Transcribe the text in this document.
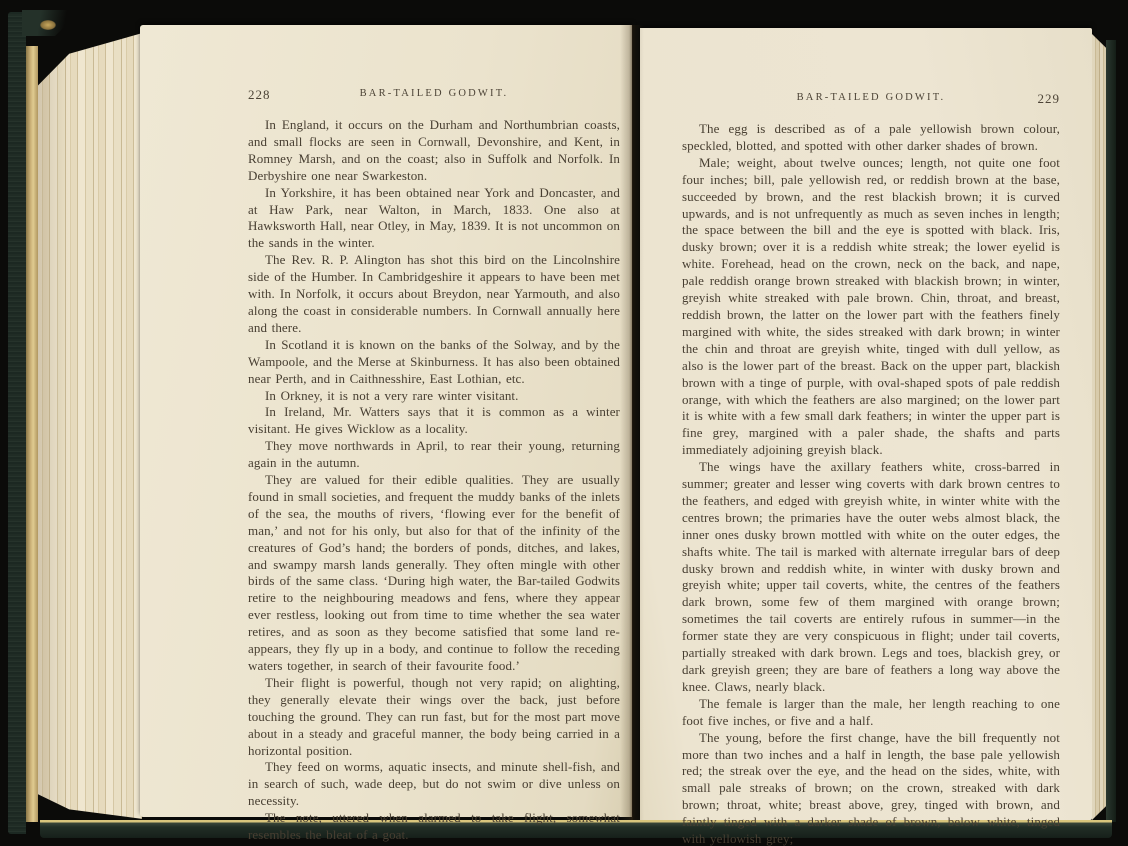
228	BAR-TAILED GODWIT.

In England, it occurs on the Durham and Northumbrian coasts, and small flocks are seen in Cornwall, Devonshire, and Kent, in Romney Marsh, and on the coast; also in Suffolk and Norfolk. In Derbyshire one near Swarkeston.

In Yorkshire, it has been obtained near York and Doncaster, and at Haw Park, near Walton, in March, 1833. One also at Hawksworth Hall, near Otley, in May, 1839. It is not uncommon on the sands in the winter.

The Rev. R. P. Alington has shot this bird on the Lincolnshire side of the Humber. In Cambridgeshire it appears to have been met with. In Norfolk, it occurs about Breydon, near Yarmouth, and also along the coast in considerable numbers. In Cornwall annually here and there.

In Scotland it is known on the banks of the Solway, and by the Wampoole, and the Merse at Skinburness. It has also been obtained near Perth, and in Caithnesshire, East Lothian, etc.

In Orkney, it is not a very rare winter visitant.

In Ireland, Mr. Watters says that it is common as a winter visitant. He gives Wicklow as a locality.

They move northwards in April, to rear their young, returning again in the autumn.

They are valued for their edible qualities. They are usually found in small societies, and frequent the muddy banks of the inlets of the sea, the mouths of rivers, ‘flowing ever for the benefit of man,’ and not for his only, but also for that of the infinity of the creatures of God’s hand; the borders of ponds, ditches, and lakes, and swampy marsh lands generally. They often mingle with other birds of the same class. ‘During high water, the Bar-tailed Godwits retire to the neighbouring meadows and fens, where they appear ever restless, looking out from time to time whether the sea water retires, and as soon as they become satisfied that some land re-appears, they fly up in a body, and continue to follow the receding waters together, in search of their favourite food.’

Their flight is powerful, though not very rapid; on alighting, they generally elevate their wings over the back, just before touching the ground. They can run fast, but for the most part move about in a steady and graceful manner, the body being carried in a horizontal position.

They feed on worms, aquatic insects, and minute shell-fish, and in search of such, wade deep, but do not swim or dive unless on necessity.

The note, uttered when alarmed to take flight, somewhat resembles the bleat of a goat.

BAR-TAILED GODWIT.	229

The egg is described as of a pale yellowish brown colour, speckled, blotted, and spotted with other darker shades of brown.

Male; weight, about twelve ounces; length, not quite one foot four inches; bill, pale yellowish red, or reddish brown at the base, succeeded by brown, and the rest blackish brown; it is curved upwards, and is not unfrequently as much as seven inches in length; the space between the bill and the eye is spotted with black. Iris, dusky brown; over it is a reddish white streak; the lower eyelid is white. Forehead, head on the crown, neck on the back, and nape, pale reddish orange brown streaked with blackish brown; in winter, greyish white streaked with pale brown. Chin, throat, and breast, reddish brown, the latter on the lower part with the feathers finely margined with white, the sides streaked with dark brown; in winter the chin and throat are greyish white, tinged with dull yellow, as also is the lower part of the breast. Back on the upper part, blackish brown with a tinge of purple, with oval-shaped spots of pale reddish orange, with which the feathers are also margined; on the lower part it is white with a few small dark feathers; in winter the upper part is fine grey, margined with a paler shade, the shafts and parts immediately adjoining greyish black.

The wings have the axillary feathers white, cross-barred in summer; greater and lesser wing coverts with dark brown centres to the feathers, and edged with greyish white, in winter white with the centres brown; the primaries have the outer webs almost black, the inner ones dusky brown mottled with white on the outer edges, the shafts white. The tail is marked with alternate irregular bars of deep dusky brown and reddish white, in winter with dusky brown and greyish white; upper tail coverts, white, the centres of the feathers dark brown, some few of them margined with orange brown; sometimes the tail coverts are entirely rufous in summer—in the former state they are very conspicuous in flight; under tail coverts, partially streaked with dark brown. Legs and toes, blackish grey, or dark greyish green; they are bare of feathers a long way above the knee. Claws, nearly black.

The female is larger than the male, her length reaching to one foot five inches, or five and a half.

The young, before the first change, have the bill frequently not more than two inches and a half in length, the base pale yellowish red; the streak over the eye, and the head on the sides, white, with small pale streaks of brown; on the crown, streaked with dark brown; throat, white; breast above, grey, tinged with brown, and faintly tinged with a darker shade of brown, below white, tinged with yellowish grey;
